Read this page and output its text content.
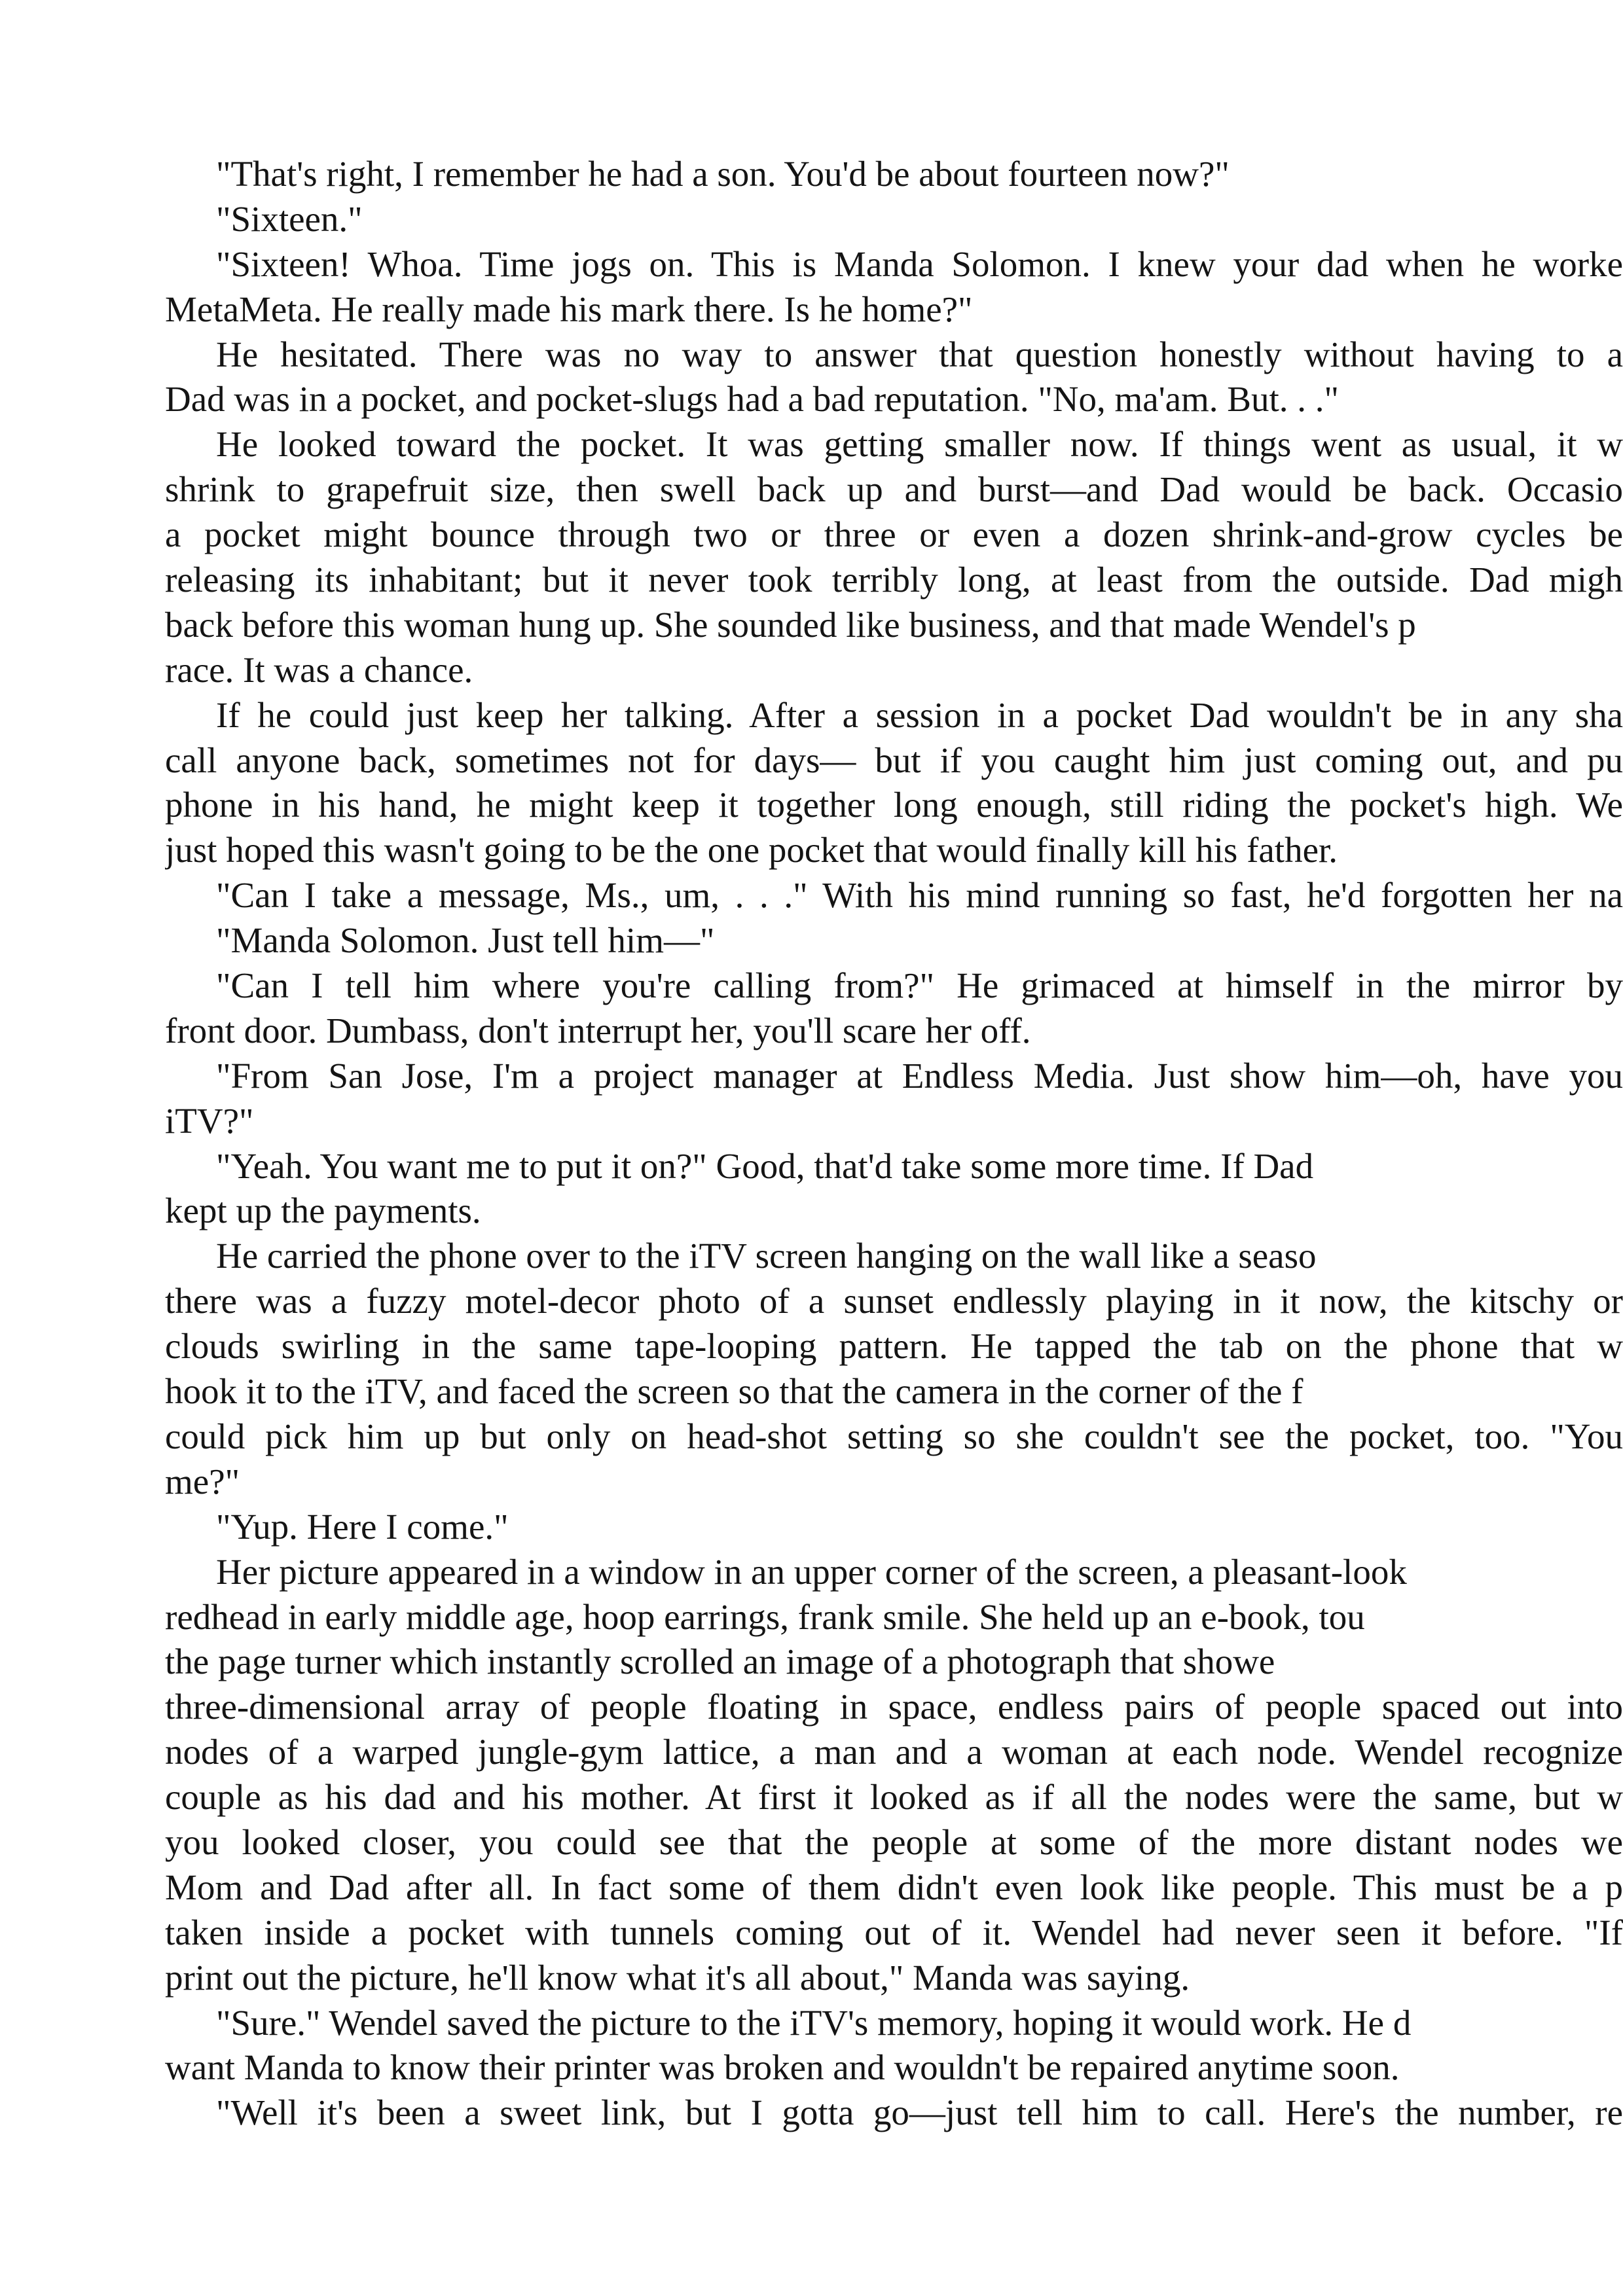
"That's right, I remember he had a son. You'd be about fourteen now?"
"Sixteen."
"Sixteen! Whoa. Time jogs on. This is Manda Solomon. I knew your dad when he worke
MetaMeta. He really made his mark there. Is he home?"
He hesitated. There was no way to answer that question honestly without having to a
Dad was in a pocket, and pocket-slugs had a bad reputation. "No, ma'am. But. . ."
He looked toward the pocket. It was getting smaller now. If things went as usual, it w
shrink to grapefruit size, then swell back up and burst—and Dad would be back. Occasio
a pocket might bounce through two or three or even a dozen shrink-and-grow cycles be
releasing its inhabitant; but it never took terribly long, at least from the outside. Dad migh
back before this woman hung up. She sounded like business, and that made Wendel's p
race. It was a chance.
If he could just keep her talking. After a session in a pocket Dad wouldn't be in any sha
call anyone back, sometimes not for days— but if you caught him just coming out, and pu
phone in his hand, he might keep it together long enough, still riding the pocket's high. We
just hoped this wasn't going to be the one pocket that would finally kill his father.
"Can I take a message, Ms., um, . . ." With his mind running so fast, he'd forgotten her na
"Manda Solomon. Just tell him—"
"Can I tell him where you're calling from?" He grimaced at himself in the mirror by
front door. Dumbass, don't interrupt her, you'll scare her off.
"From San Jose, I'm a project manager at Endless Media. Just show him—oh, have you
iTV?"
"Yeah. You want me to put it on?" Good, that'd take some more time. If Dad
kept up the payments.
He carried the phone over to the iTV screen hanging on the wall like a seaso
there was a fuzzy motel-decor photo of a sunset endlessly playing in it now, the kitschy or
clouds swirling in the same tape-looping pattern. He tapped the tab on the phone that w
hook it to the iTV, and faced the screen so that the camera in the corner of the f
could pick him up but only on head-shot setting so she couldn't see the pocket, too. "You
me?"
"Yup. Here I come."
Her picture appeared in a window in an upper corner of the screen, a pleasant-look
redhead in early middle age, hoop earrings, frank smile. She held up an e-book, tou
the page turner which instantly scrolled an image of a photograph that showe
three-dimensional array of people floating in space, endless pairs of people spaced out into
nodes of a warped jungle-gym lattice, a man and a woman at each node. Wendel recognize
couple as his dad and his mother. At first it looked as if all the nodes were the same, but w
you looked closer, you could see that the people at some of the more distant nodes we
Mom and Dad after all. In fact some of them didn't even look like people. This must be a p
taken inside a pocket with tunnels coming out of it. Wendel had never seen it before. "If
print out the picture, he'll know what it's all about," Manda was saying.
"Sure." Wendel saved the picture to the iTV's memory, hoping it would work. He d
want Manda to know their printer was broken and wouldn't be repaired anytime soon.
"Well it's been a sweet link, but I gotta go—just tell him to call. Here's the number, re
